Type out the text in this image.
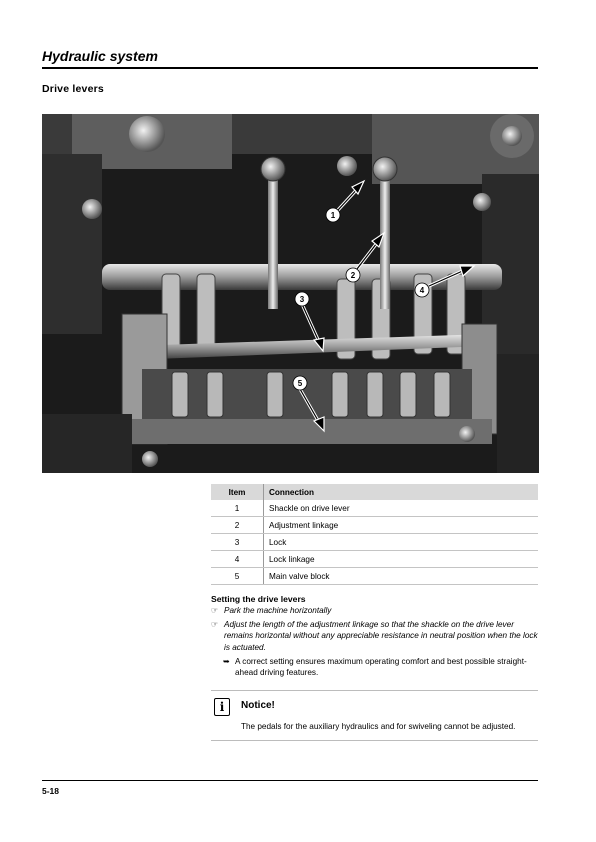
Hydraulic system
Drive levers
1
2
3
4
5
Item	Connection
1	Shackle on drive lever
2	Adjustment linkage
3	Lock
4	Lock linkage
5	Main valve block
Setting the drive levers
☞ Park the machine horizontally
☞ Adjust the length of the adjustment linkage so that the shackle on the drive lever remains horizontal without any appreciable resistance in neutral position when the lock is actuated.
➥ A correct setting ensures maximum operating comfort and best possible straight-ahead driving features.
i	Notice!

The pedals for the auxiliary hydraulics and for swiveling cannot be adjusted.

5-18
